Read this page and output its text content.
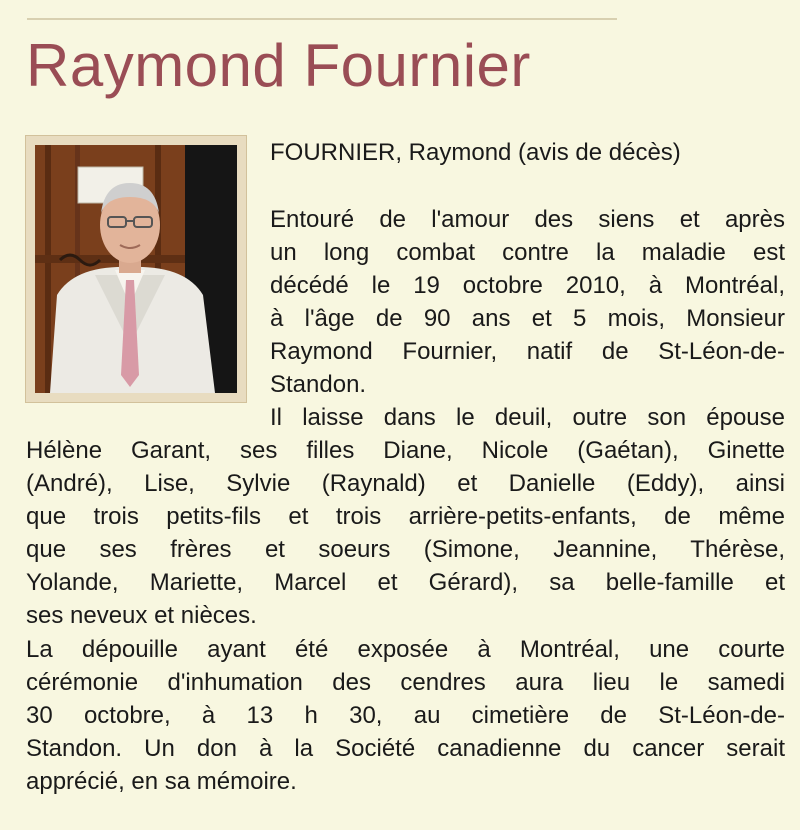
Raymond Fournier
FOURNIER, Raymond (avis de décès)
Entouré de l'amour des siens et après
un long combat contre la maladie est
décédé le 19 octobre 2010, à Montréal,
à l'âge de 90 ans et 5 mois, Monsieur
Raymond Fournier, natif de St-Léon-de-
Standon.
Il laisse dans le deuil, outre son épouse
Hélène Garant, ses filles Diane, Nicole (Gaétan), Ginette
(André), Lise, Sylvie (Raynald) et Danielle (Eddy), ainsi
que trois petits-fils et trois arrière-petits-enfants, de même
que ses frères et soeurs (Simone, Jeannine, Thérèse,
Yolande, Mariette, Marcel et Gérard), sa belle-famille et
ses neveux et nièces.
La dépouille ayant été exposée à Montréal, une courte
cérémonie d'inhumation des cendres aura lieu le samedi
30 octobre, à 13 h 30, au cimetière de St-Léon-de-
Standon. Un don à la Société canadienne du cancer serait
apprécié, en sa mémoire.
